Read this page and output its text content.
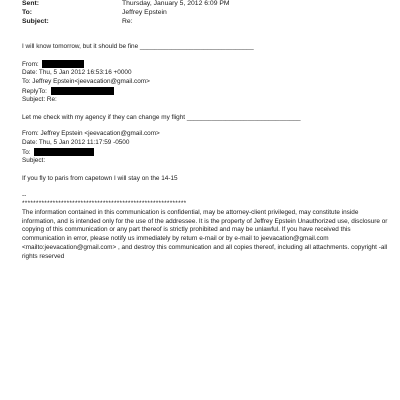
Sent:	Thursday, January 5, 2012 6:09 PM
To:	Jeffrey Epstein
Subject:	Re:
I will know tomorrow, but it should be fine ________________________________
From:
Date: Thu, 5 Jan 2012 16:53:16 +0000
To: Jeffrey Epstein<jeevacation@gmail.com>
ReplyTo:
Subject: Re:
Let me check with my agency if they can change my flight ________________________________
From: Jeffrey Epstein <jeevacation@gmail.com>
Date: Thu, 5 Jan 2012 11:17:59 -0500
To:
Subject:
If you fly to paris from capetown I will stay on the 14-15
--
***********************************************************
The information contained in this communication is confidential, may be attorney-client privileged, may constitute inside information, and is intended only for the use of the addressee. It is the property of Jeffrey Epstein Unauthorized use, disclosure or copying of this communication or any part thereof is strictly prohibited and may be unlawful. If you have received this communication in error, please notify us immediately by return e-mail or by e-mail to jeevacation@gmail.com <mailto:jeevacation@gmail.com> , and destroy this communication and all copies thereof, including all attachments. copyright -all rights reserved
